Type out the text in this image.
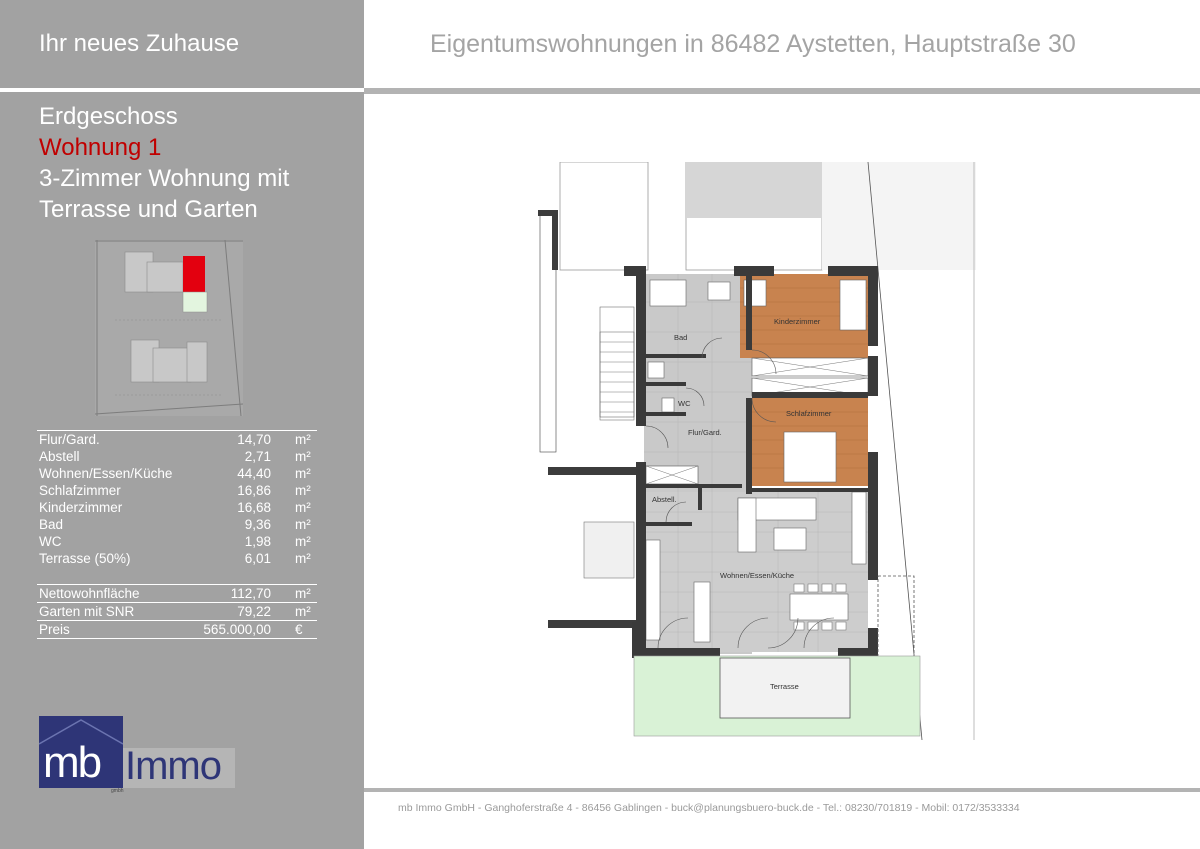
Ihr neues Zuhause
Erdgeschoss
Wohnung 1
3-Zimmer Wohnung mit
Terrasse und Garten
Flur/Gard.	14,70	m²
Abstell	2,71	m²
Wohnen/Essen/Küche	44,40	m²
Schlafzimmer	16,86	m²
Kinderzimmer	16,68	m²
Bad	9,36	m²
WC	1,98	m²
Terrasse (50%)	6,01	m²
Nettowohnfläche	112,70	m²
Garten mit SNR	79,22	m²
Preis	565.000,00	€
mb Immo
gmbh
Eigentumswohnungen in 86482 Aystetten, Hauptstraße 30
Kinderzimmer
Schlafzimmer
Bad
WC
Flur/Gard.
Abstell.
Wohnen/Essen/Küche
Terrasse
mb Immo GmbH - Ganghoferstraße 4 - 86456 Gablingen - buck@planungsbuero-buck.de - Tel.: 08230/701819 - Mobil: 0172/3533334
